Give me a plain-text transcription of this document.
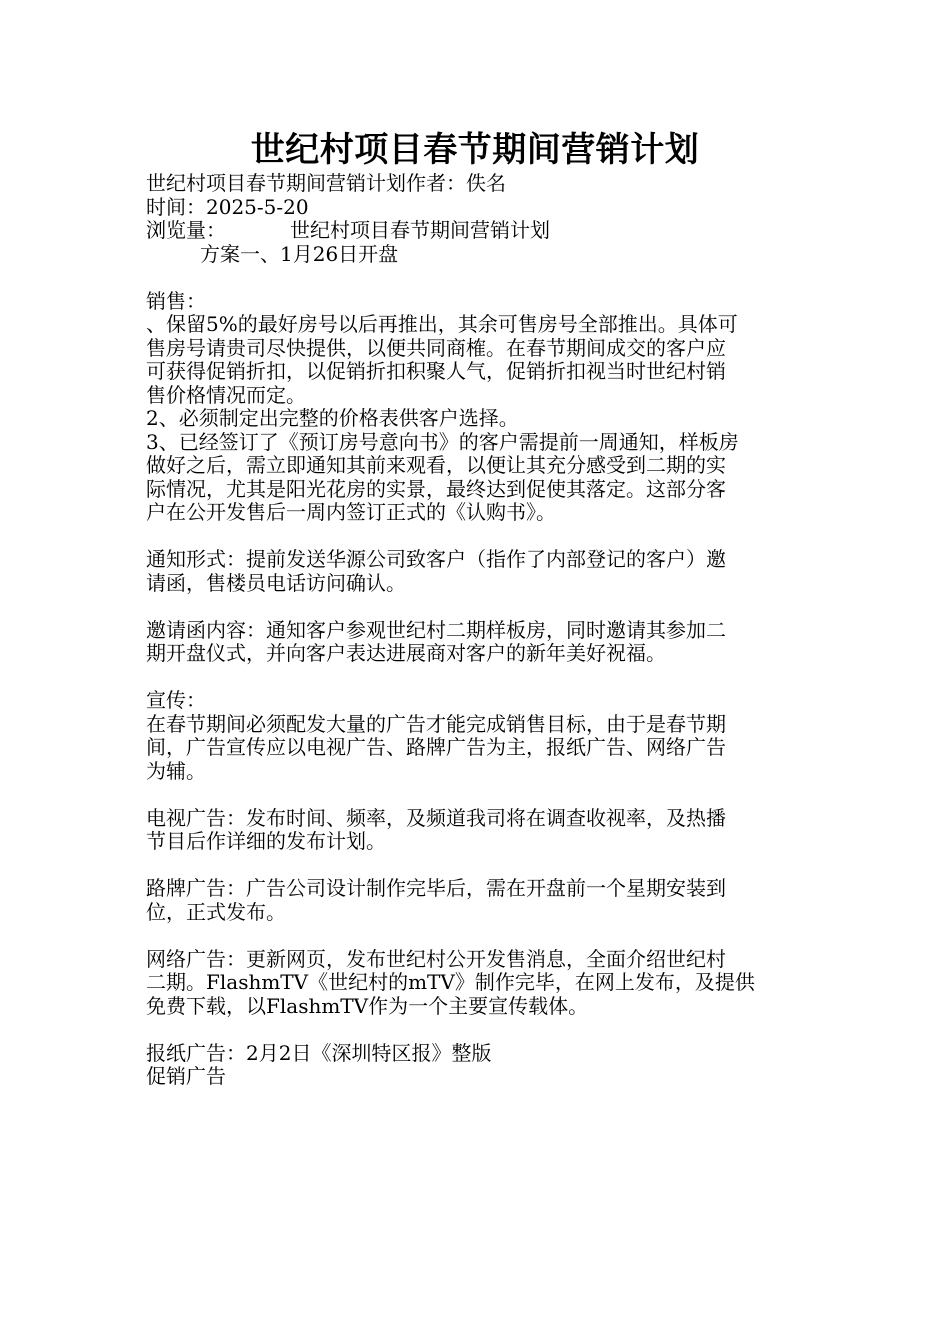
世纪村项目春节期间营销计划
世纪村项目春节期间营销计划作者：佚名
时间：2025-5-20
浏览量：	世纪村项目春节期间营销计划
方案一、1月26日开盘
销售：
、保留5%的最好房号以后再推出，其余可售房号全部推出。具体可
售房号请贵司尽快提供，以便共同商榷。在春节期间成交的客户应
可获得促销折扣，以促销折扣积聚人气，促销折扣视当时世纪村销
售价格情况而定。
2、必须制定出完整的价格表供客户选择。
3、已经签订了《预订房号意向书》的客户需提前一周通知，样板房
做好之后，需立即通知其前来观看，以便让其充分感受到二期的实
际情况，尤其是阳光花房的实景，最终达到促使其落定。这部分客
户在公开发售后一周内签订正式的《认购书》。
通知形式：提前发送华源公司致客户（指作了内部登记的客户）邀
请函，售楼员电话访问确认。
邀请函内容：通知客户参观世纪村二期样板房，同时邀请其参加二
期开盘仪式，并向客户表达进展商对客户的新年美好祝福。
宣传：
在春节期间必须配发大量的广告才能完成销售目标，由于是春节期
间，广告宣传应以电视广告、路牌广告为主，报纸广告、网络广告
为辅。
电视广告：发布时间、频率，及频道我司将在调查收视率，及热播
节目后作详细的发布计划。
路牌广告：广告公司设计制作完毕后，需在开盘前一个星期安装到
位，正式发布。
网络广告：更新网页，发布世纪村公开发售消息，全面介绍世纪村
二期。FlashmTV《世纪村的mTV》制作完毕，在网上发布，及提供
免费下载，以FlashmTV作为一个主要宣传载体。
报纸广告：2月2日《深圳特区报》整版
促销广告
